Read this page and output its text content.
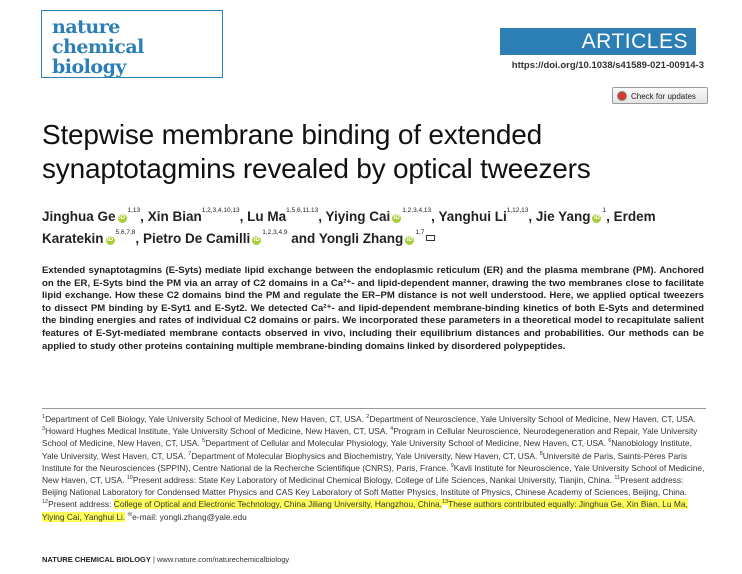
nature
chemical biology
ARTICLES
https://doi.org/10.1038/s41589-021-00914-3
Check for updates
Stepwise membrane binding of extended synaptotagmins revealed by optical tweezers
Jinghua Ge iD$^{1,13}$, Xin Bian$^{1,2,3,4,10,13}$, Lu Ma$^{1,5,6,11,13}$, Yiying Cai iD$^{1,2,3,4,13}$, Yanghui Li$^{1,12,13}$, Jie Yang $iD^1$, Erdem Karatekin iD$^{5,6,7,8}$, Pietro De Camilli iD$^{1,2,3,4,9}$ and Yongli Zhang iD$^{1,7}$
Extended synaptotagmins (E-Syts) mediate lipid exchange between the endoplasmic reticulum (ER) and the plasma membrane (PM). Anchored on the ER, E-Syts bind the PM via an array of C2 domains in a Ca²⁺- and lipid-dependent manner, drawing the two membranes close to facilitate lipid exchange. How these C2 domains bind the PM and regulate the ER–PM distance is not well understood. Here, we applied optical tweezers to dissect PM binding by E-Syt1 and E-Syt2. We detected Ca²⁺- and lipid-dependent membrane-binding kinetics of both E-Syts and determined the binding energies and rates of individual C2 domains or pairs. We incorporated these parameters in a theoretical model to recapitulate salient features of E-Syt-mediated membrane contacts observed in vivo, including their equilibrium distances and probabilities. Our methods can be applied to study other proteins containing multiple membrane-binding domains linked by disordered polypeptides.
$^1$Department of Cell Biology, Yale University School of Medicine, New Haven, CT, USA. $^2$Department of Neuroscience, Yale University School of Medicine, New Haven, CT, USA. $^3$Howard Hughes Medical Institute, Yale University School of Medicine, New Haven, CT, USA. $^4$Program in Cellular Neuroscience, Neurodegeneration and Repair, Yale University School of Medicine, New Haven, CT, USA. $^5$Department of Cellular and Molecular Physiology, Yale University School of Medicine, New Haven, CT, USA. $^6$Nanobiology Institute, Yale University, West Haven, CT, USA. $^7$Department of Molecular Biophysics and Biochemistry, Yale University, New Haven, CT, USA. $^8$Université de Paris, Saints-Pères Paris Institute for the Neurosciences (SPPIN), Centre National de la Recherche Scientifique (CNRS), Paris, France. $^9$Kavli Institute for Neuroscience, Yale University School of Medicine, New Haven, CT, USA. $^{10}$Present address: State Key Laboratory of Medicinal Chemical Biology, College of Life Sciences, Nankai University, Tianjin, China. $^{11}$Present address: Beijing National Laboratory for Condensed Matter Physics and CAS Key Laboratory of Soft Matter Physics, Institute of Physics, Chinese Academy of Sciences, Beijing, China. $^{12}$Present address: College of Optical and Electronic Technology, China Jiliang University, Hangzhou, China.$^{13}$These authors contributed equally: Jinghua Ge, Xin Bian, Lu Ma, Yiying Cai, Yanghui Li. ✉e-mail: yongli.zhang@yale.edu
NATURE CHEMICAL BIOLOGY | www.nature.com/naturechemicalbiology
